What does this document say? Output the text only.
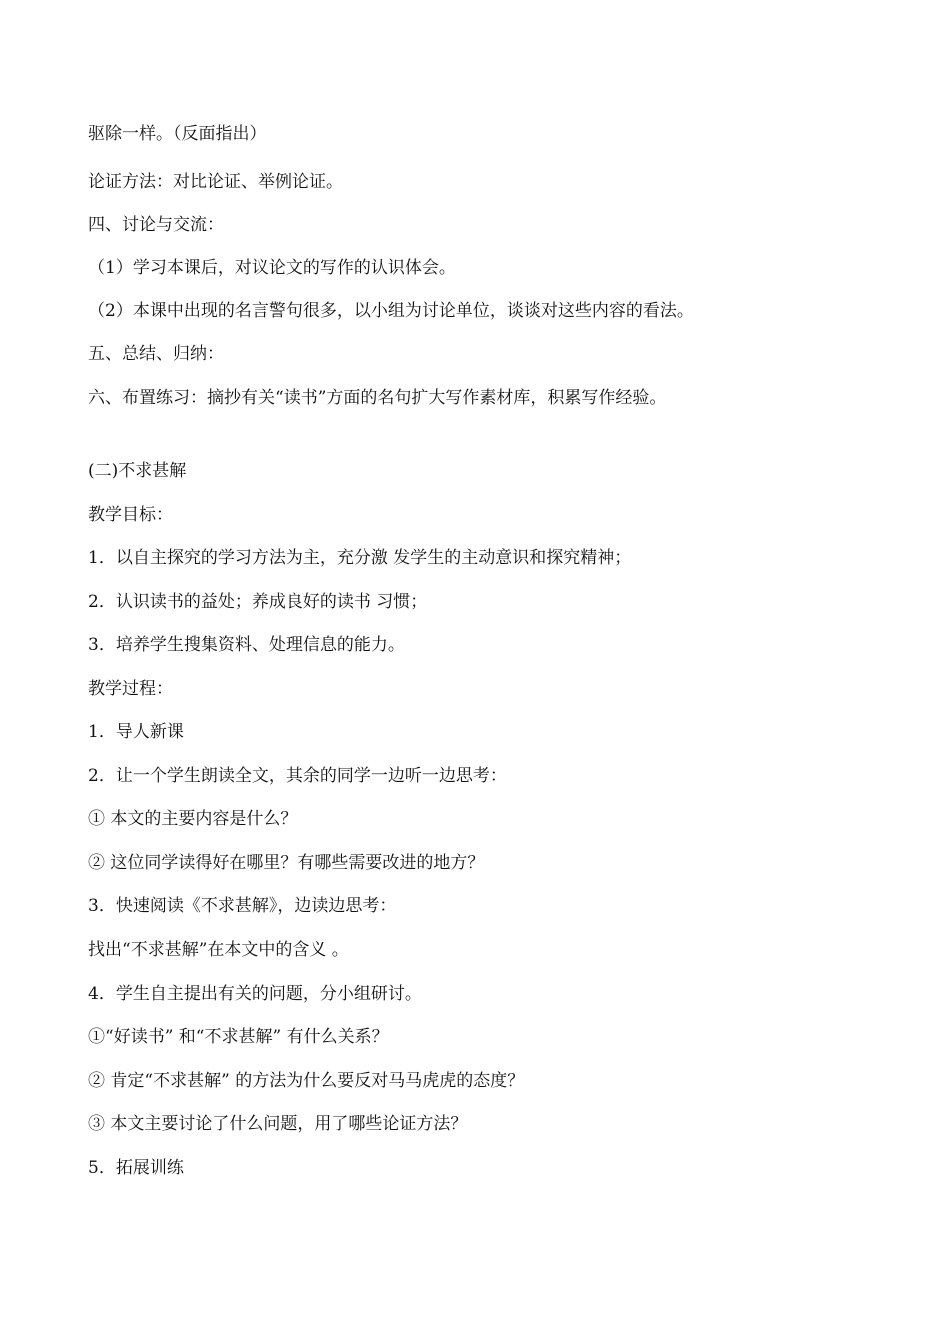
驱除一样。（反面指出）

论证方法：对比论证、举例论证。

四、讨论与交流：

（1）学习本课后，对议论文的写作的认识体会。

（2）本课中出现的名言警句很多，以小组为讨论单位，谈谈对这些内容的看法。

五、总结、归纳：

六、布置练习：摘抄有关“读书”方面的名句扩大写作素材库，积累写作经验。

(二)不求甚解

教学目标：

1．以自主探究的学习方法为主，充分激 发学生的主动意识和探究精神；

2．认识读书的益处；养成良好的读书 习惯；

3．培养学生搜集资料、处理信息的能力。

教学过程：

1．导人新课

2．让一个学生朗读全文，其余的同学一边听一边思考：

① 本文的主要内容是什么？

② 这位同学读得好在哪里？有哪些需要改进的地方？

3．快速阅读《不求甚解》，边读边思考：

找出“不求甚解”在本文中的含义 。

4．学生自主提出有关的问题，分小组研讨。

①“好读书” 和“不求甚解” 有什么关系？

② 肯定“不求甚解” 的方法为什么要反对马马虎虎的态度？

③ 本文主要讨论了什么问题，用了哪些论证方法？

5．拓展训练
